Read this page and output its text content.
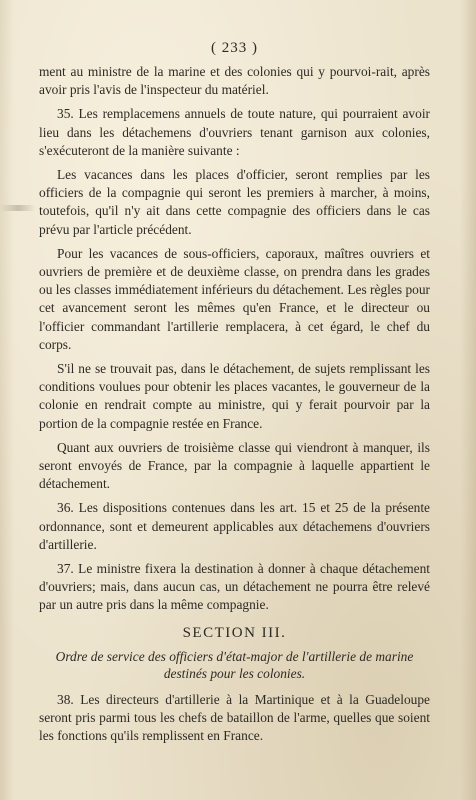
( 233 )

ment au ministre de la marine et des colonies qui y pourvoi-rait, après avoir pris l'avis de l'inspecteur du matériel.

35. Les remplacemens annuels de toute nature, qui pourraient avoir lieu dans les détachemens d'ouvriers tenant garnison aux colonies, s'exécuteront de la manière suivante :

Les vacances dans les places d'officier, seront remplies par les officiers de la compagnie qui seront les premiers à marcher, à moins, toutefois, qu'il n'y ait dans cette compagnie des officiers dans le cas prévu par l'article précédent.

Pour les vacances de sous-officiers, caporaux, maîtres ouvriers et ouvriers de première et de deuxième classe, on prendra dans les grades ou les classes immédiatement inférieurs du détachement. Les règles pour cet avancement seront les mêmes qu'en France, et le directeur ou l'officier commandant l'artillerie remplacera, à cet égard, le chef du corps.

S'il ne se trouvait pas, dans le détachement, de sujets remplissant les conditions voulues pour obtenir les places vacantes, le gouverneur de la colonie en rendrait compte au ministre, qui y ferait pourvoir par la portion de la compagnie restée en France.

Quant aux ouvriers de troisième classe qui viendront à manquer, ils seront envoyés de France, par la compagnie à laquelle appartient le détachement.

36. Les dispositions contenues dans les art. 15 et 25 de la présente ordonnance, sont et demeurent applicables aux détachemens d'ouvriers d'artillerie.

37. Le ministre fixera la destination à donner à chaque détachement d'ouvriers; mais, dans aucun cas, un détachement ne pourra être relevé par un autre pris dans la même compagnie.

SECTION III.
Ordre de service des officiers d'état-major de l'artillerie de marine destinés pour les colonies.

38. Les directeurs d'artillerie à la Martinique et à la Guadeloupe seront pris parmi tous les chefs de bataillon de l'arme, quelles que soient les fonctions qu'ils remplissent en France.
